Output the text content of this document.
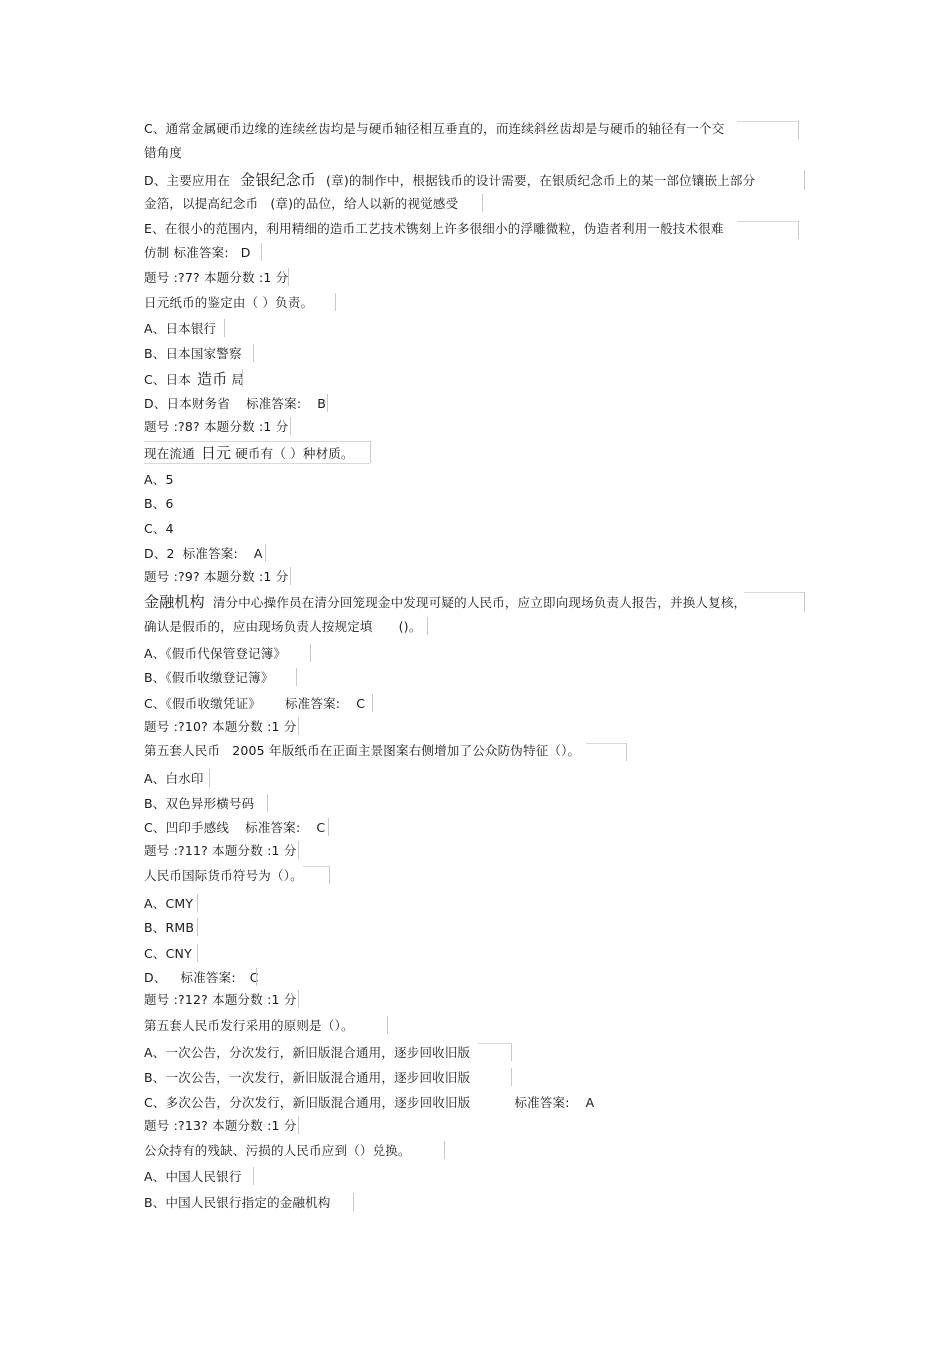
C、通常金属硬币边缘的连续丝齿均是与硬币轴径相互垂直的，而连续斜丝齿却是与硬币的轴径有一个交
错角度
D、主要应用在 金银纪念币 (章)的制作中，根据钱币的设计需要，在银质纪念币上的某一部位镶嵌上部分
金箔，以提高纪念币 (章)的品位，给人以新的视觉感受
E、在很小的范围内，利用精细的造币工艺技术镌刻上许多很细小的浮雕微粒，伪造者利用一般技术很难
仿制 标准答案: D
题号 :?7? 本题分数 :1 分
日元纸币的鉴定由（ ）负责。
A、日本银行
B、日本国家警察
C、日本 造币 局
D、日本财务省 标准答案: B
题号 :?8? 本题分数 :1 分
现在流通 日元 硬币有（ ）种材质。
A、5
B、6
C、4
D、2 标准答案: A
题号 :?9? 本题分数 :1 分
金融机构 清分中心操作员在清分回笼现金中发现可疑的人民币，应立即向现场负责人报告，并换人复核，
确认是假币的，应由现场负责人按规定填 ()。
A、《假币代保管登记簿》
B、《假币收缴登记簿》
C、《假币收缴凭证》 标准答案: C
题号 :?10? 本题分数 :1 分
第五套人民币 2005 年版纸币在正面主景图案右侧增加了公众防伪特征（）。
A、白水印
B、双色异形横号码
C、凹印手感线 标准答案: C
题号 :?11? 本题分数 :1 分
人民币国际货币符号为（）。
A、CMY
B、RMB
C、CNY
D、 标准答案: C
题号 :?12? 本题分数 :1 分
第五套人民币发行采用的原则是（）。
A、一次公告，分次发行，新旧版混合通用，逐步回收旧版
B、一次公告，一次发行，新旧版混合通用，逐步回收旧版
C、多次公告，分次发行，新旧版混合通用，逐步回收旧版	标准答案: A
题号 :?13? 本题分数 :1 分
公众持有的残缺、污损的人民币应到（）兑换。
A、中国人民银行
B、中国人民银行指定的金融机构
